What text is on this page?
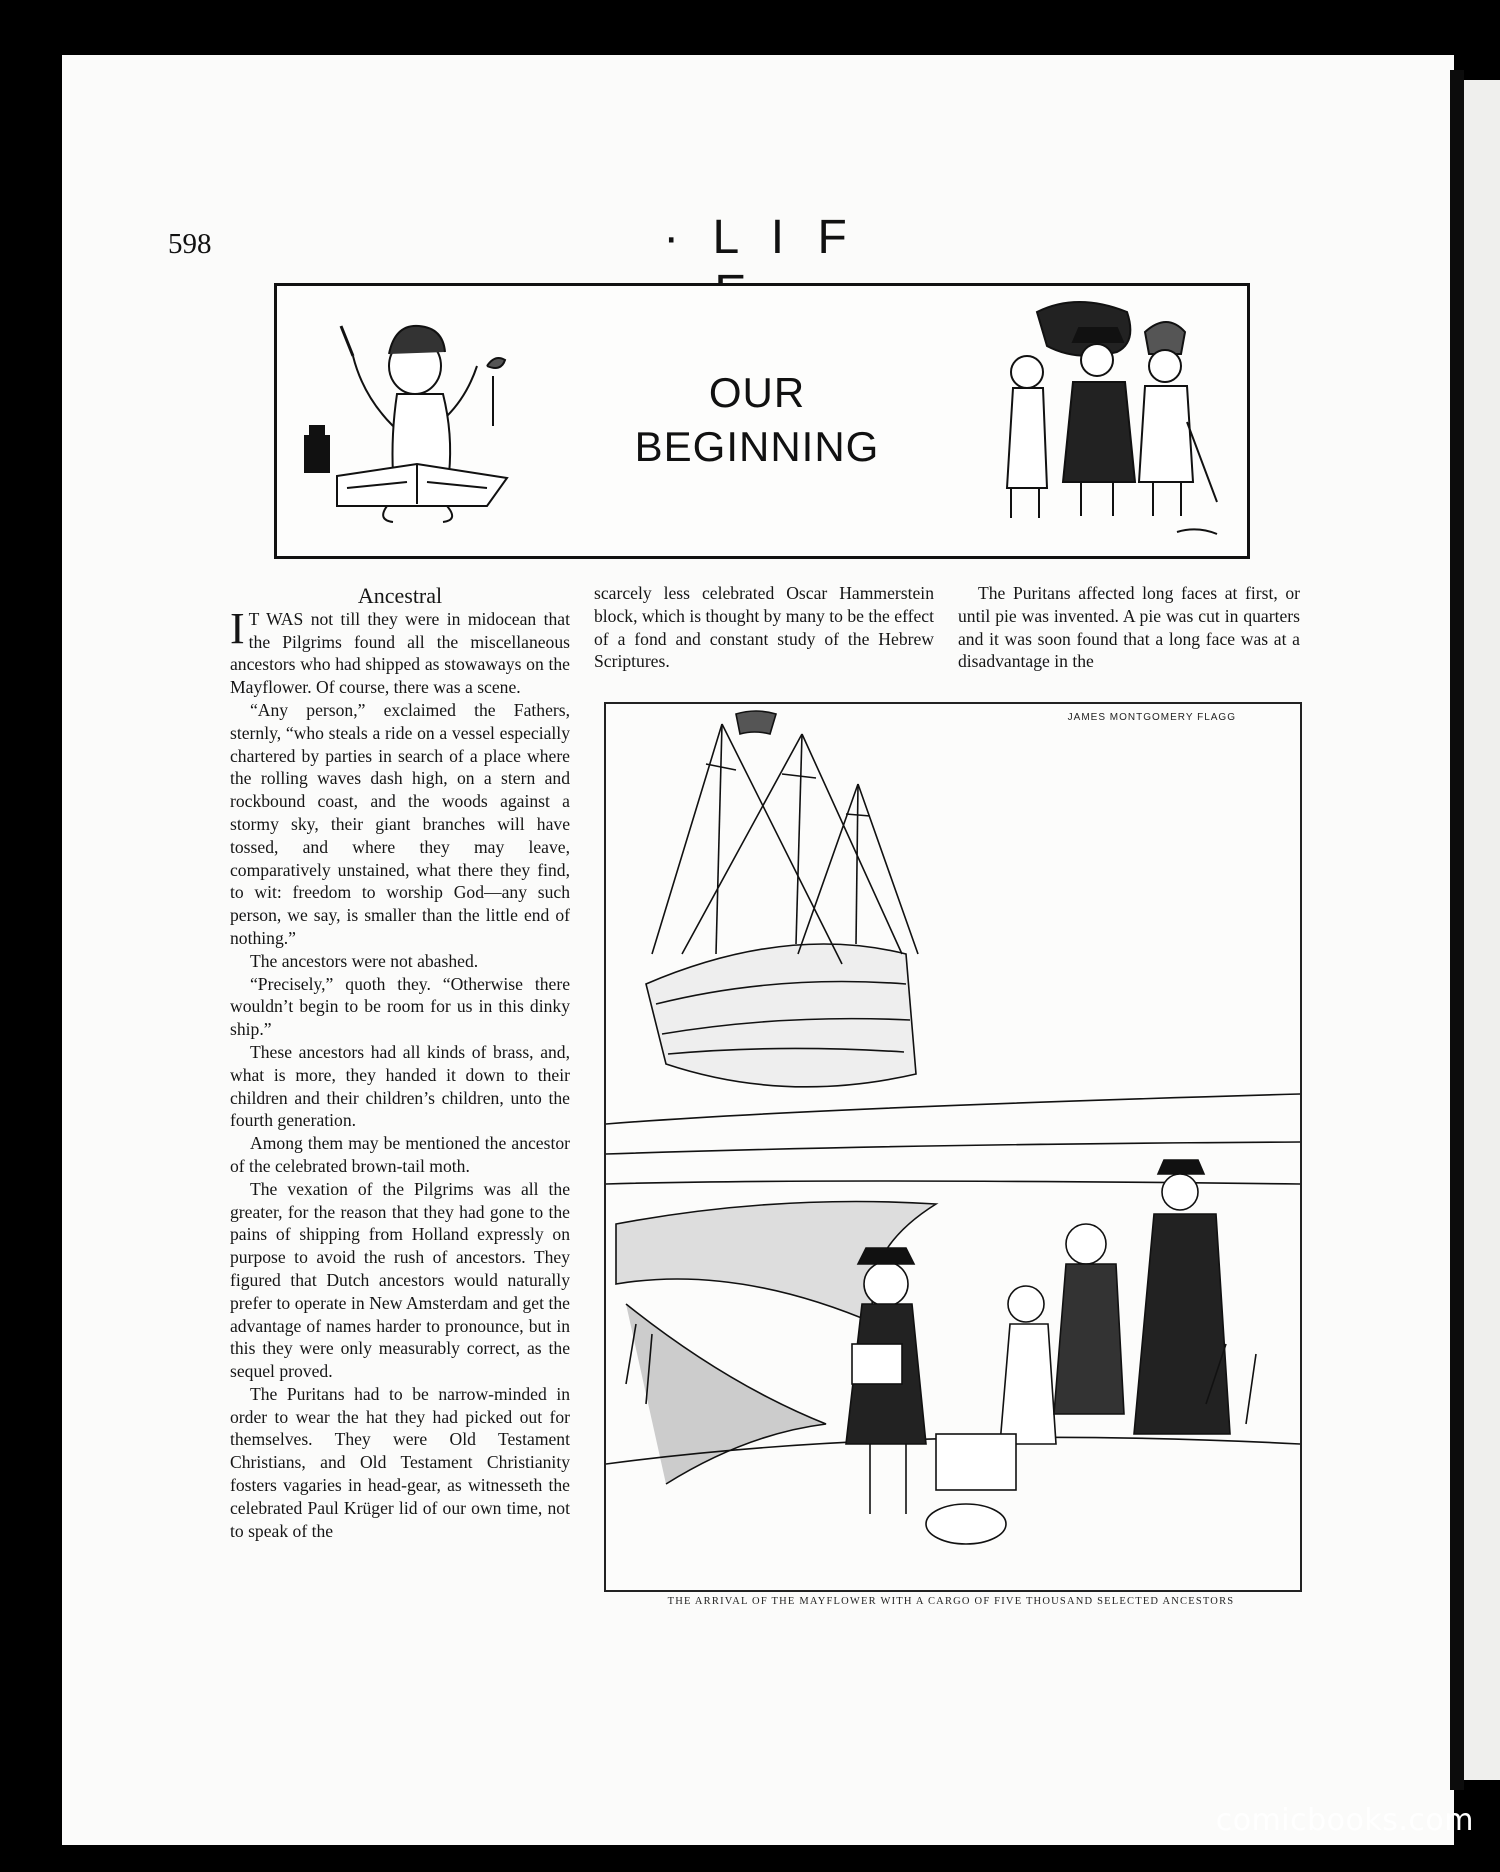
598	· L I F
OUR
BEGINNING

Ancestral

I T WAS not till they were in midocean that the Pilgrims found all the miscellaneous ancestors who had shipped as stowaways on the Mayflower. Of course, there was a scene.

“Any person,” exclaimed the Fathers, sternly, “who steals a ride on a vessel especially chartered by parties in search of a place where the rolling waves dash high, on a stern and rockbound coast, and the woods against a stormy sky, their giant branches will have tossed, and where they may leave, comparatively unstained, what there they find, to wit: freedom to worship God—any such person, we say, is smaller than the little end of nothing.”

The ancestors were not abashed.

“Precisely,” quoth they. “Otherwise there wouldn’t begin to be room for us in this dinky ship.”

These ancestors had all kinds of brass, and, what is more, they handed it down to their children and their children’s children, unto the fourth generation.

Among them may be mentioned the ancestor of the celebrated brown-tail moth.

The vexation of the Pilgrims was all the greater, for the reason that they had gone to the pains of shipping from Holland expressly on purpose to avoid the rush of ancestors. They figured that Dutch ancestors would naturally prefer to operate in New Amsterdam and get the advantage of names harder to pronounce, but in this they were only measurably correct, as the sequel proved.

The Puritans had to be narrow-minded in order to wear the hat they had picked out for themselves. They were Old Testament Christians, and Old Testament Christianity fosters vagaries in head-gear, as witnesseth the celebrated Paul Krüger lid of our own time, not to speak of the

scarcely less celebrated Oscar Hammerstein block, which is thought by many to be the effect of a fond and constant study of the Hebrew Scriptures.

The Puritans affected long faces at first, or until pie was invented. A pie was cut in quarters and it was soon found that a long face was at a disadvantage in the

JAMES MONTGOMERY FLAGG
THE ARRIVAL OF THE MAYFLOWER WITH A CARGO OF FIVE THOUSAND SELECTED ANCESTORS
comicbooks.com
